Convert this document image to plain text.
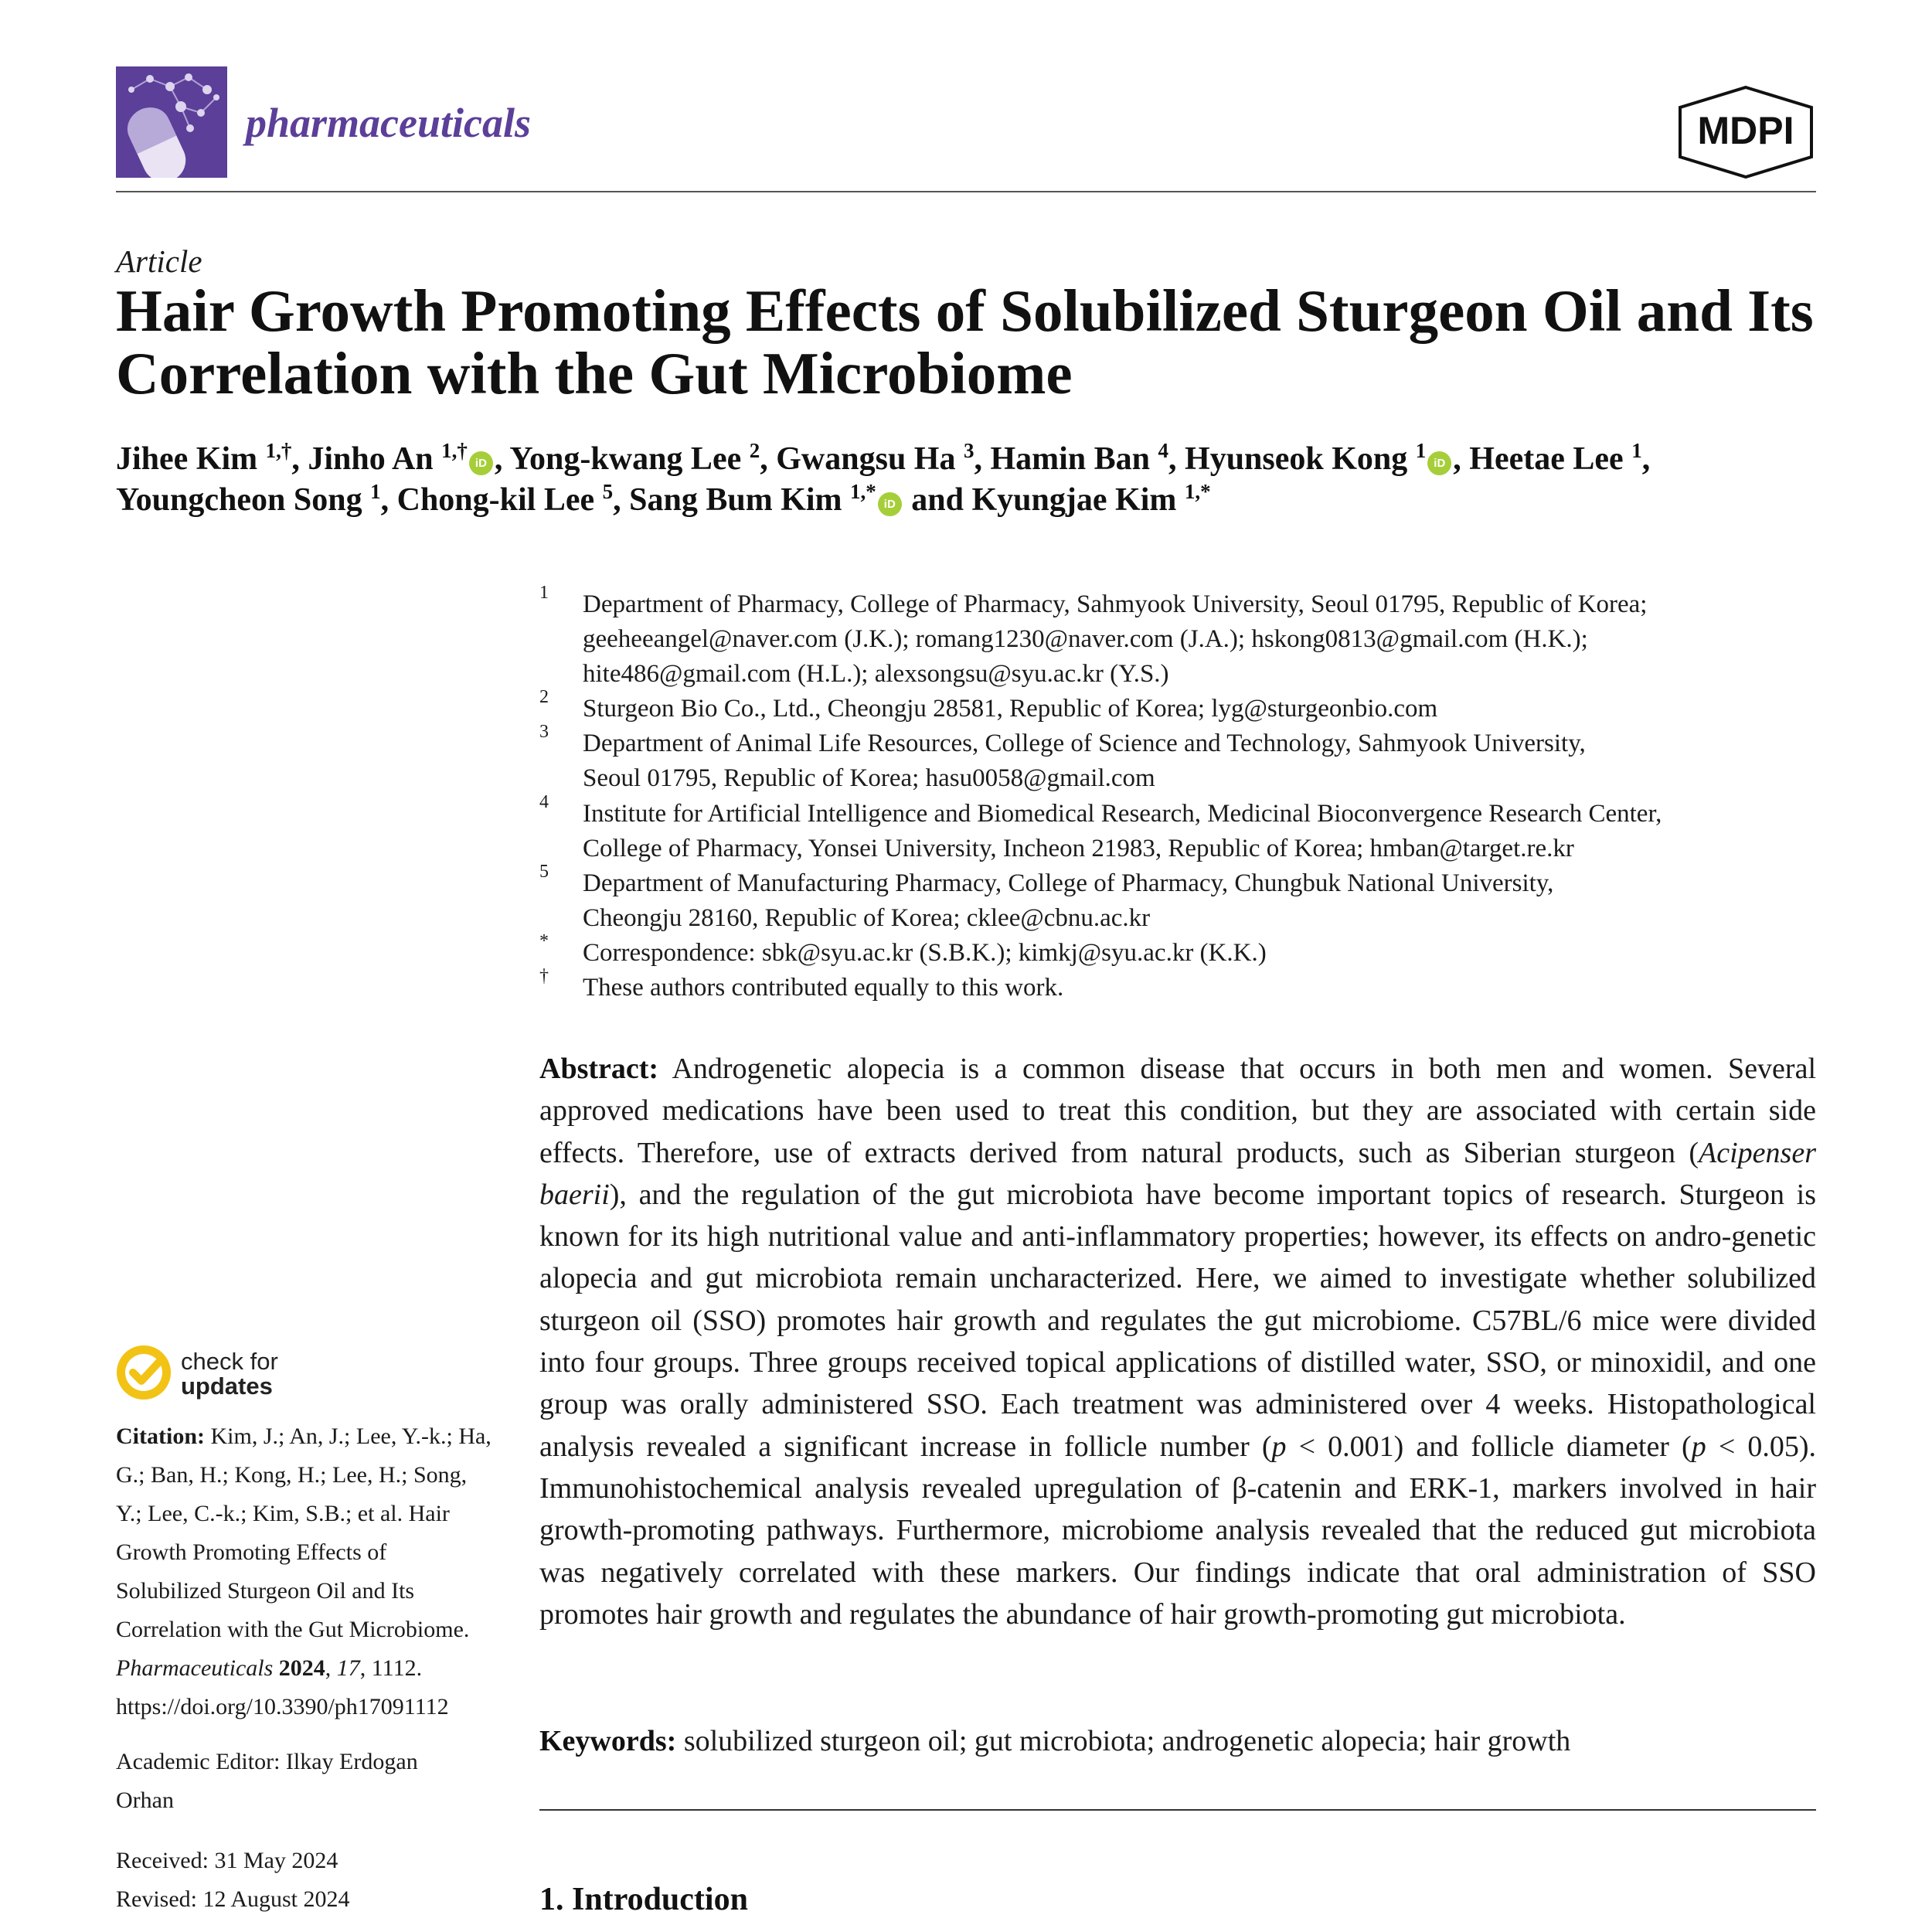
pharmaceuticals	MDPI
Article
Hair Growth Promoting Effects of Solubilized Sturgeon Oil and Its Correlation with the Gut Microbiome
Jihee Kim $^{1,\dagger}$, Jinho An $^{1,\dagger}$iD , Yong-kwang Lee $^2$, Gwangsu Ha $^3$, Hamin Ban $^4$, Hyunseok Kong $^1$iD , Heetae Lee $^1$,
Youngcheon Song $^1$, Chong-kil Lee $^5$, Sang Bum Kim $^{1,*}$iD and Kyungjae Kim $^{1,*}$
1	Department of Pharmacy, College of Pharmacy, Sahmyook University, Seoul 01795, Republic of Korea;
geeheeangel@naver.com (J.K.); romang1230@naver.com (J.A.); hskong0813@gmail.com (H.K.);
hite486@gmail.com (H.L.); alexsongsu@syu.ac.kr (Y.S.)
2	Sturgeon Bio Co., Ltd., Cheongju 28581, Republic of Korea; lyg@sturgeonbio.com
3	Department of Animal Life Resources, College of Science and Technology, Sahmyook University,
Seoul 01795, Republic of Korea; hasu0058@gmail.com
4	Institute for Artificial Intelligence and Biomedical Research, Medicinal Bioconvergence Research Center,
College of Pharmacy, Yonsei University, Incheon 21983, Republic of Korea; hmban@target.re.kr
5	Department of Manufacturing Pharmacy, College of Pharmacy, Chungbuk National University,
Cheongju 28160, Republic of Korea; cklee@cbnu.ac.kr
*	Correspondence: sbk@syu.ac.kr (S.B.K.); kimkj@syu.ac.kr (K.K.)
†	These authors contributed equally to this work.
Abstract: Androgenetic alopecia is a common disease that occurs in both men and women. Several approved medications have been used to treat this condition, but they are associated with certain side effects. Therefore, use of extracts derived from natural products, such as Siberian sturgeon (Acipenser baerii), and the regulation of the gut microbiota have become important topics of research. Sturgeon is known for its high nutritional value and anti-inflammatory properties; however, its effects on andro-genetic alopecia and gut microbiota remain uncharacterized. Here, we aimed to investigate whether solubilized sturgeon oil (SSO) promotes hair growth and regulates the gut microbiome. C57BL/6 mice were divided into four groups. Three groups received topical applications of distilled water, SSO, or minoxidil, and one group was orally administered SSO. Each treatment was administered over 4 weeks. Histopathological analysis revealed a significant increase in follicle number (p < 0.001) and follicle diameter (p < 0.05). Immunohistochemical analysis revealed upregulation of β-catenin and ERK-1, markers involved in hair growth-promoting pathways. Furthermore, microbiome analysis revealed that the reduced gut microbiota was negatively correlated with these markers. Our findings indicate that oral administration of SSO promotes hair growth and regulates the abundance of hair growth-promoting gut microbiota.
Keywords: solubilized sturgeon oil; gut microbiota; androgenetic alopecia; hair growth
1. Introduction
check for
updates
Citation: Kim, J.; An, J.; Lee, Y.-k.; Ha,
G.; Ban, H.; Kong, H.; Lee, H.; Song,
Y.; Lee, C.-k.; Kim, S.B.; et al. Hair
Growth Promoting Effects of
Solubilized Sturgeon Oil and Its
Correlation with the Gut Microbiome.
Pharmaceuticals 2024, 17, 1112.
https://doi.org/10.3390/ph17091112
Academic Editor: Ilkay Erdogan
Orhan
Received: 31 May 2024
Revised: 12 August 2024
